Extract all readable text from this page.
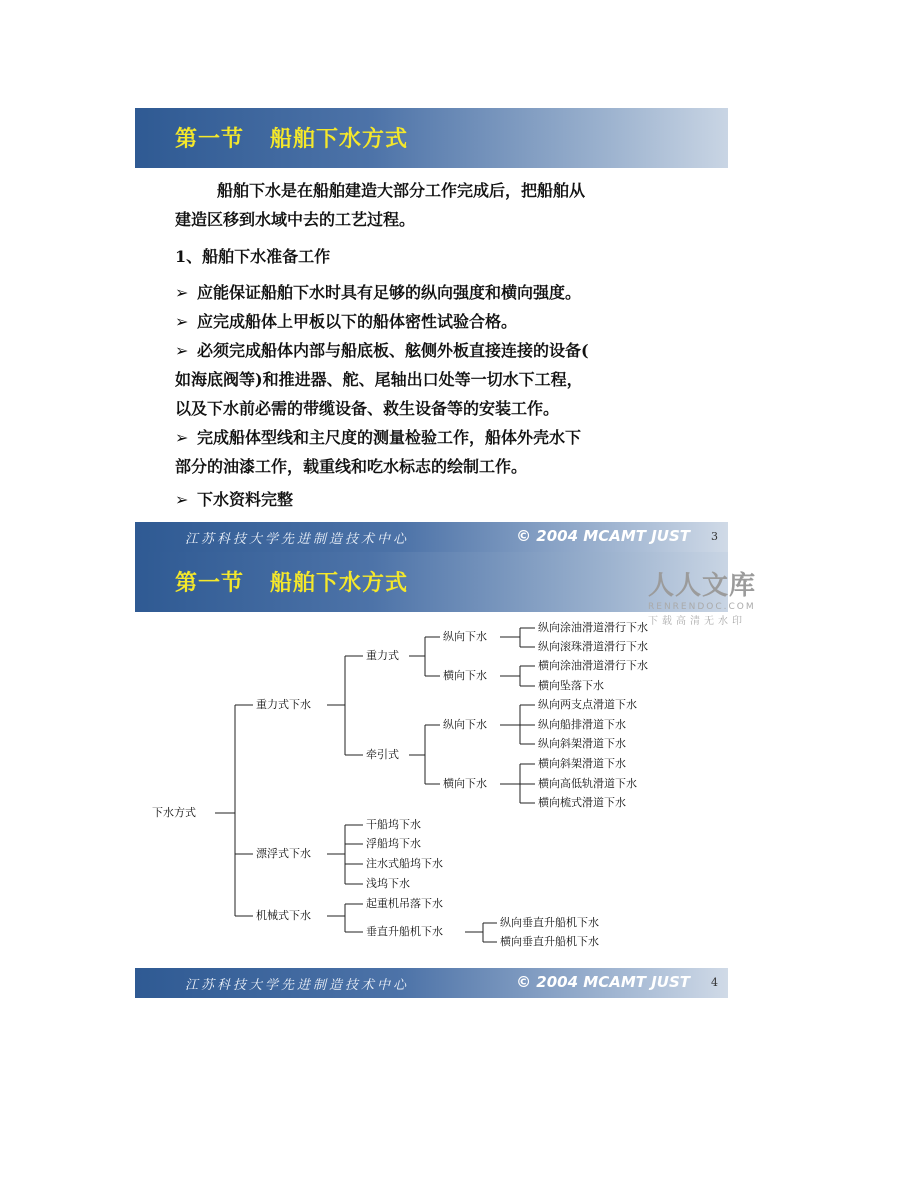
第一节   船舶下水方式
船舶下水是在船舶建造大部分工作完成后，把船舶从
建造区移到水域中去的工艺过程。
1、船舶下水准备工作
➢ 应能保证船舶下水时具有足够的纵向强度和横向强度。
➢ 应完成船体上甲板以下的船体密性试验合格。
➢ 必须完成船体内部与船底板、舷侧外板直接连接的设备(
如海底阀等)和推进器、舵、尾轴出口处等一切水下工程，
以及下水前必需的带缆设备、救生设备等的安装工作。
➢ 完成船体型线和主尺度的测量检验工作，船体外壳水下
部分的油漆工作，载重线和吃水标志的绘制工作。
➢ 下水资料完整
江苏科技大学先进制造技术中心	© 2004 MCAMT JUST 3
第一节   船舶下水方式
下水方式
重力式下水
重力式
纵向下水
纵向涂油滑道滑行下水
纵向滚珠滑道滑行下水
横向下水
横向涂油滑道滑行下水
横向坠落下水
牵引式
纵向下水
纵向两支点滑道下水
纵向船排滑道下水
纵向斜架滑道下水
横向下水
横向斜架滑道下水
横向高低轨滑道下水
横向梳式滑道下水
漂浮式下水
干船坞下水
浮船坞下水
注水式船坞下水
浅坞下水
机械式下水
起重机吊落下水
垂直升船机下水
纵向垂直升船机下水
横向垂直升船机下水
江苏科技大学先进制造技术中心	© 2004 MCAMT JUST 4
人人文库
RENRENDOC.COM
下载高清无水印
